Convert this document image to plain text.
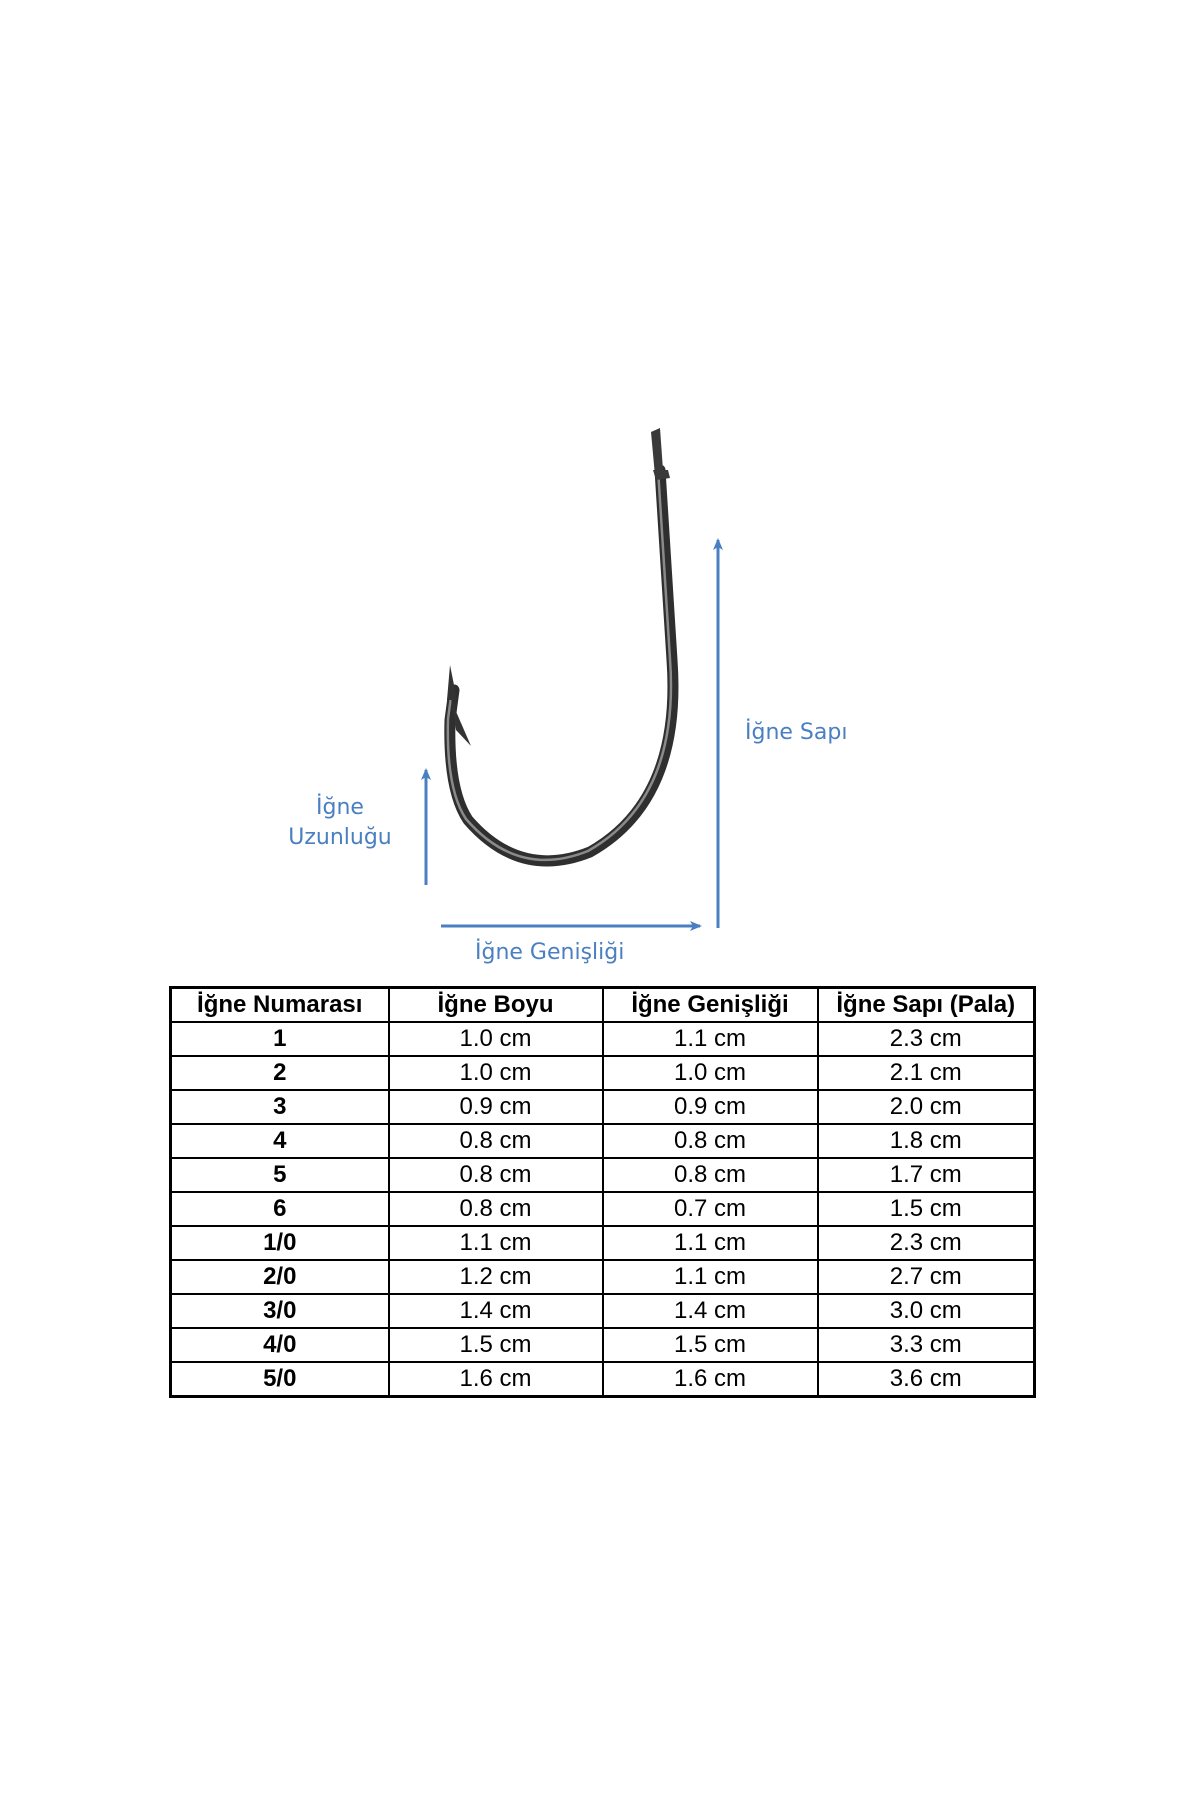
İğne
Uzunluğu
İğne Sapı
İğne Genişliği
İğne Numarası	İğne Boyu	İğne Genişliği	İğne Sapı (Pala)
1	1.0 cm	1.1 cm	2.3 cm
2	1.0 cm	1.0 cm	2.1 cm
3	0.9 cm	0.9 cm	2.0 cm
4	0.8 cm	0.8 cm	1.8 cm
5	0.8 cm	0.8 cm	1.7 cm
6	0.8 cm	0.7 cm	1.5 cm
1/0	1.1 cm	1.1 cm	2.3 cm
2/0	1.2 cm	1.1 cm	2.7 cm
3/0	1.4 cm	1.4 cm	3.0 cm
4/0	1.5 cm	1.5 cm	3.3 cm
5/0	1.6 cm	1.6 cm	3.6 cm
